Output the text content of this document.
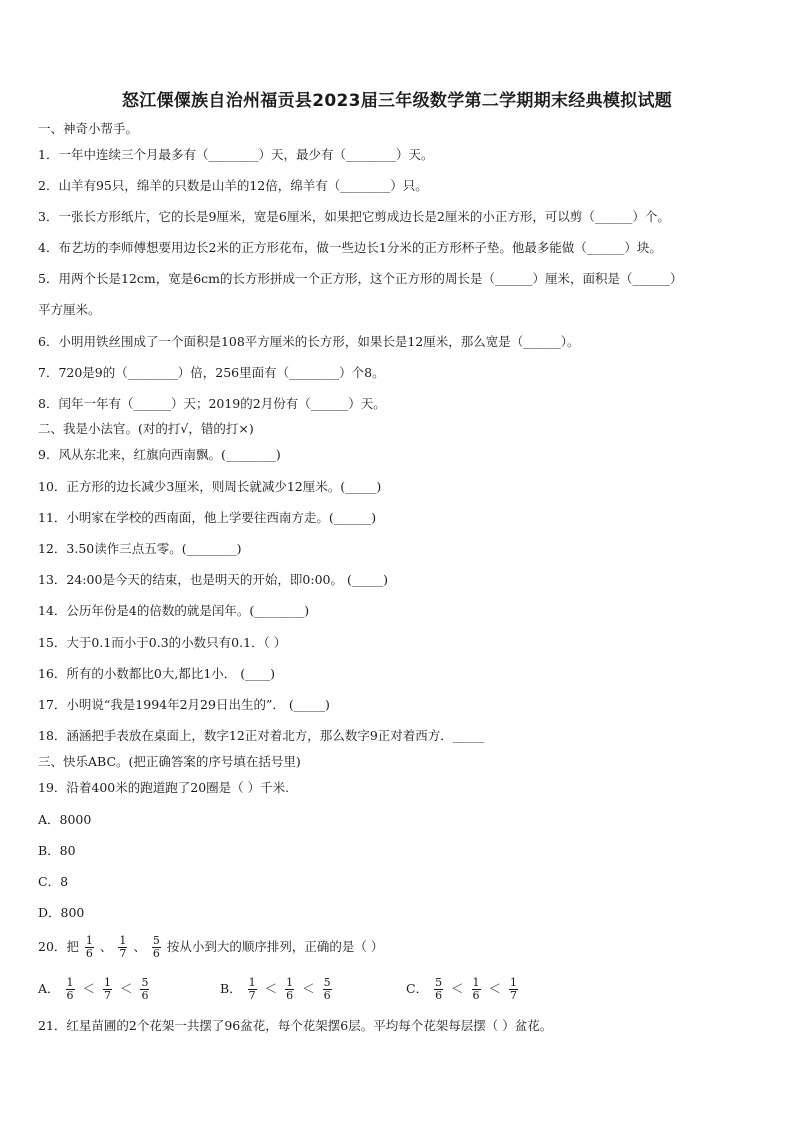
怒江傈僳族自治州福贡县2023届三年级数学第二学期期末经典模拟试题
一、神奇小帮手。
1．一年中连续三个月最多有（________）天，最少有（________）天。
2．山羊有95只，绵羊的只数是山羊的12倍，绵羊有（________）只。
3．一张长方形纸片，它的长是9厘米，宽是6厘米，如果把它剪成边长是2厘米的小正方形，可以剪（______）个。
4．布艺坊的李师傅想要用边长2米的正方形花布，做一些边长1分米的正方形杯子垫。他最多能做（______）块。
5．用两个长是12cm，宽是6cm的长方形拼成一个正方形，这个正方形的周长是（______）厘米，面积是（______）
平方厘米。
6．小明用铁丝围成了一个面积是108平方厘米的长方形，如果长是12厘米，那么宽是（______）。
7．720是9的（________）倍，256里面有（________）个8。
8．闰年一年有（______）天；2019的2月份有（______）天。
二、我是小法官。(对的打√，错的打×)
9．风从东北来，红旗向西南飘。(________)
10．正方形的边长减少3厘米，则周长就减少12厘米。(_____)
11．小明家在学校的西南面，他上学要往西南方走。(______)
12．3.50读作三点五零。(________)
13．24:00是今天的结束，也是明天的开始，即0:00。 (_____)
14．公历年份是4的倍数的就是闰年。(________)
15．大于0.1而小于0.3的小数只有0.1．（ ）
16．所有的小数都比0大,都比1小． (____)
17．小明说“我是1994年2月29日出生的”． (_____)
18．涵涵把手表放在桌面上，数字12正对着北方，那么数字9正对着西方．_____
三、快乐ABC。(把正确答案的序号填在括号里)
19．沿着400米的跑道跑了20圈是（ ）千米.
A．8000
B．80
C．8
D．800
20．把 $\frac{1}{6}$ 、 $\frac{1}{7}$ 、 $\frac{5}{6}$ 按从小到大的顺序排列，正确的是（ ）
A． $\frac{1}{6} < \frac{1}{7} < \frac{5}{6}$	B． $\frac{1}{7} < \frac{1}{6} < \frac{5}{6}$	C． $\frac{5}{6} < \frac{1}{6} < \frac{1}{7}$
21．红星苗圃的2个花架一共摆了96盆花，每个花架摆6层。平均每个花架每层摆（ ）盆花。
